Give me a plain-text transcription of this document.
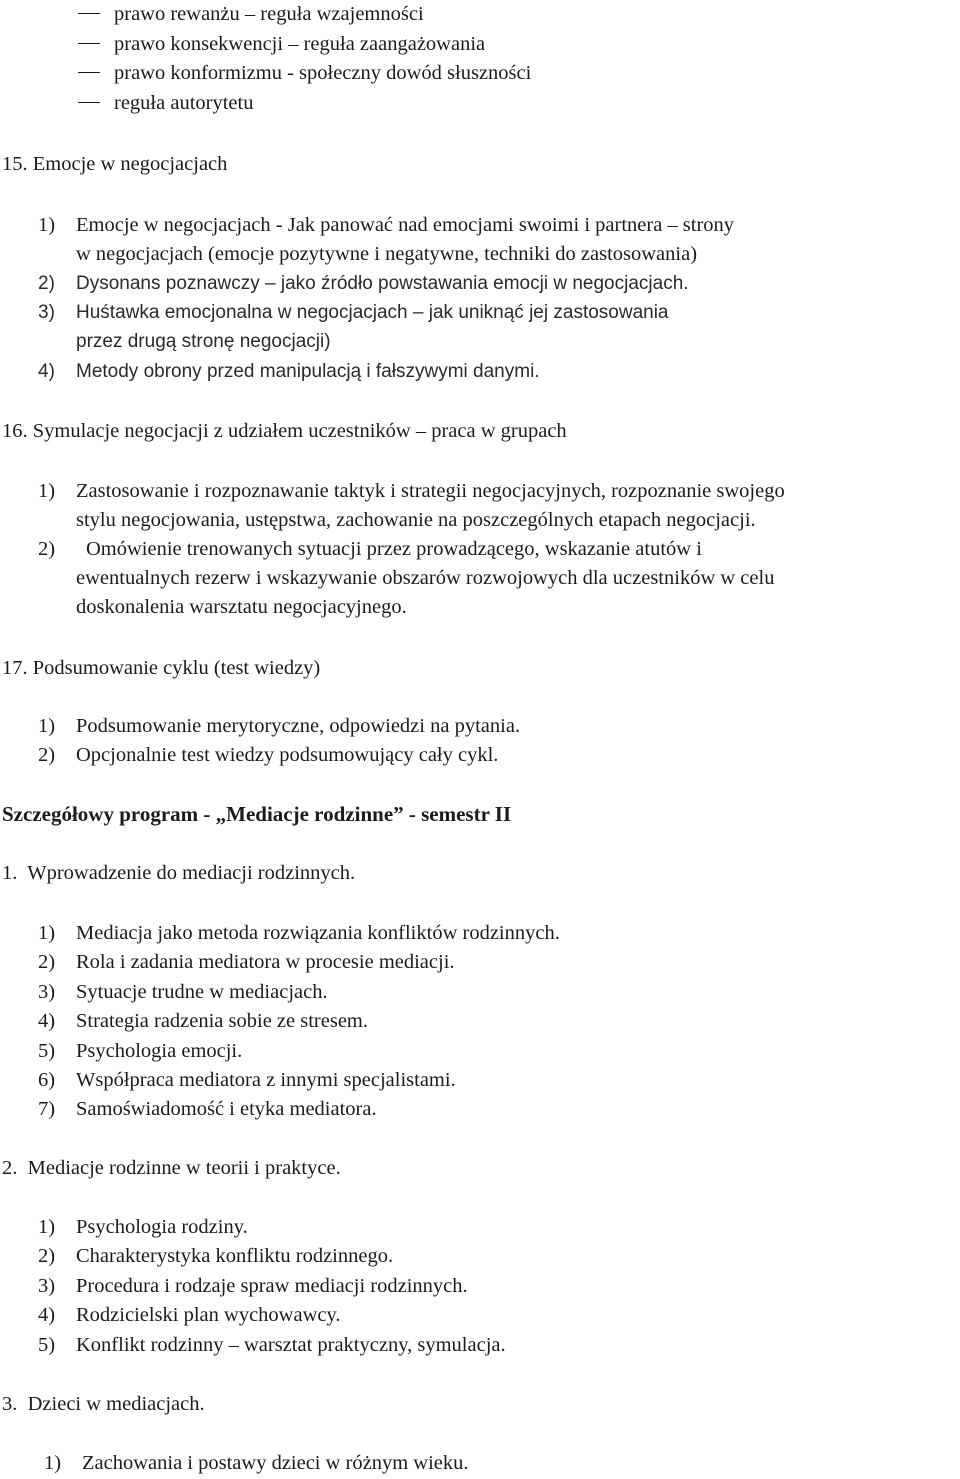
prawo rewanżu – reguła wzajemności
prawo konsekwencji – reguła zaangażowania
prawo konformizmu - społeczny dowód słuszności
reguła autorytetu
15. Emocje w negocjacjach
1) Emocje w negocjacjach - Jak panować nad emocjami swoimi i partnera – strony
w negocjacjach (emocje pozytywne i negatywne, techniki do zastosowania)
2) Dysonans poznawczy – jako źródło powstawania emocji w negocjacjach.
3) Huśtawka emocjonalna w negocjacjach – jak uniknąć jej zastosowania
przez drugą stronę negocjacji)
4) Metody obrony przed manipulacją i fałszywymi danymi.
16. Symulacje negocjacji z udziałem uczestników – praca w grupach
1) Zastosowanie i rozpoznawanie taktyk i strategii negocjacyjnych, rozpoznanie swojego
stylu negocjowania, ustępstwa, zachowanie na poszczególnych etapach negocjacji.
2) Omówienie trenowanych sytuacji przez prowadzącego, wskazanie atutów i
ewentualnych rezerw i wskazywanie obszarów rozwojowych dla uczestników w celu
doskonalenia warsztatu negocjacyjnego.
17. Podsumowanie cyklu (test wiedzy)
1) Podsumowanie merytoryczne, odpowiedzi na pytania.
2) Opcjonalnie test wiedzy podsumowujący cały cykl.
Szczegółowy program - „Mediacje rodzinne” - semestr II
1.  Wprowadzenie do mediacji rodzinnych.
1) Mediacja jako metoda rozwiązania konfliktów rodzinnych.
2) Rola i zadania mediatora w procesie mediacji.
3) Sytuacje trudne w mediacjach.
4) Strategia radzenia sobie ze stresem.
5) Psychologia emocji.
6) Współpraca mediatora z innymi specjalistami.
7) Samoświadomość i etyka mediatora.
2.  Mediacje rodzinne w teorii i praktyce.
1) Psychologia rodziny.
2) Charakterystyka konfliktu rodzinnego.
3) Procedura i rodzaje spraw mediacji rodzinnych.
4) Rodzicielski plan wychowawcy.
5) Konflikt rodzinny – warsztat praktyczny, symulacja.
3.  Dzieci w mediacjach.
1) Zachowania i postawy dzieci w różnym wieku.
